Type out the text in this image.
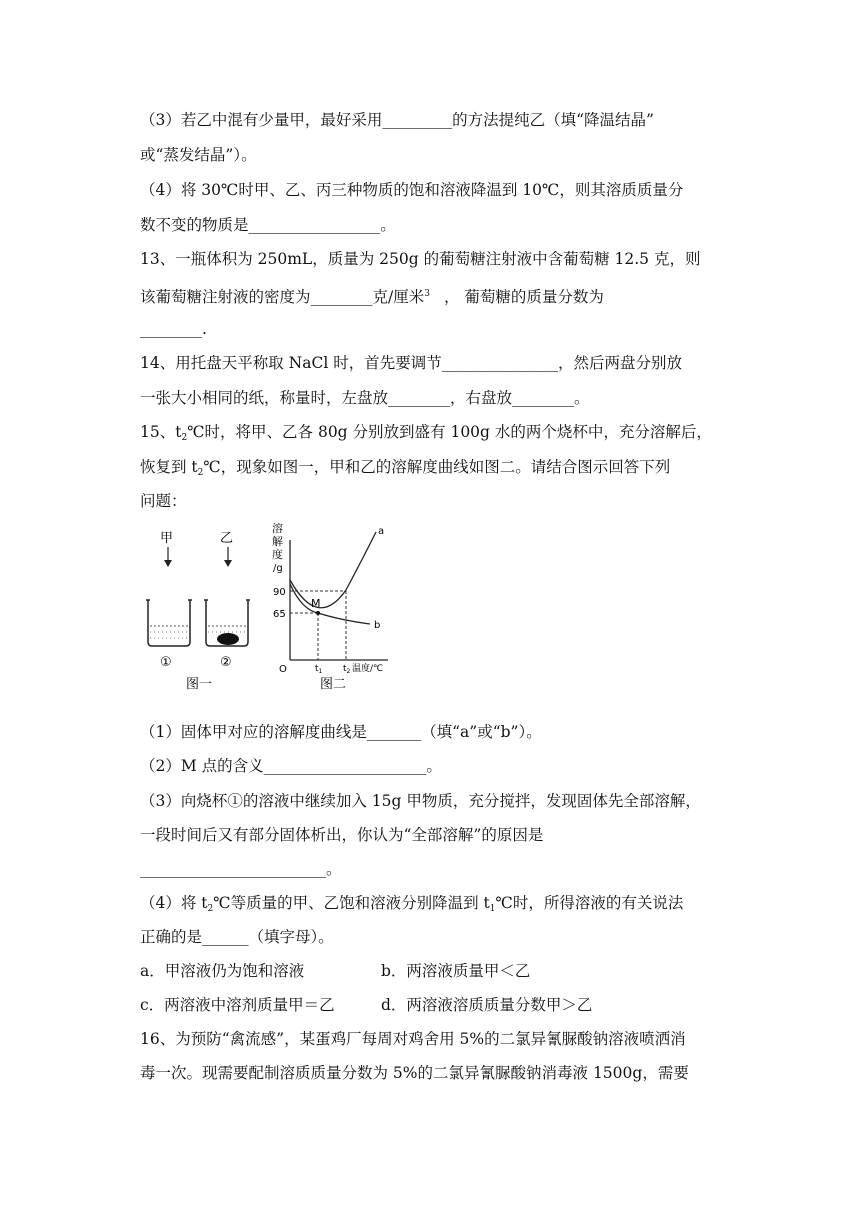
（3）若乙中混有少量甲，最好采用_________的方法提纯乙（填“降温结晶”
或“蒸发结晶”）。
（4）将 30℃时甲、乙、丙三种物质的饱和溶液降温到 10℃，则其溶质质量分
数不变的物质是_________________。
13、一瓶体积为 250mL，质量为 250g 的葡萄糖注射液中含葡萄糖 12.5 克，则
该葡萄糖注射液的密度为________克/厘米$^3$ ， 葡萄糖的质量分数为
________.
14、用托盘天平称取 NaCl 时，首先要调节_______________，然后两盘分别放
一张大小相同的纸，称量时，左盘放________，右盘放________。
15、$t_2℃$时，将甲、乙各 80g 分别放到盛有 100g 水的两个烧杯中，充分溶解后，
恢复到 $t_2℃$，现象如图一，甲和乙的溶解度曲线如图二。请结合图示回答下列
问题：
甲	乙
①	②
图一
溶
解
度
/g
90
65
a
b
M
O	$t_1$ $t_2$ 温度/℃
图二
（1）固体甲对应的溶解度曲线是_______（填“a”或“b”）。
（2）M 点的含义_____________________。
（3）向烧杯①的溶液中继续加入 15g 甲物质，充分搅拌，发现固体先全部溶解，
一段时间后又有部分固体析出，你认为“全部溶解”的原因是
________________________。
（4）将 $t_2℃$等质量的甲、乙饱和溶液分别降温到 $t_1℃$时，所得溶液的有关说法
正确的是______（填字母）。
a．甲溶液仍为饱和溶液	b．两溶液质量甲＜乙
c．两溶液中溶剂质量甲＝乙	d．两溶液溶质质量分数甲＞乙
16、为预防“禽流感”，某蛋鸡厂每周对鸡舍用 5%的二氯异氰脲酸钠溶液喷洒消
毒一次。现需要配制溶质质量分数为 5%的二氯异氰脲酸钠消毒液 1500g，需要
